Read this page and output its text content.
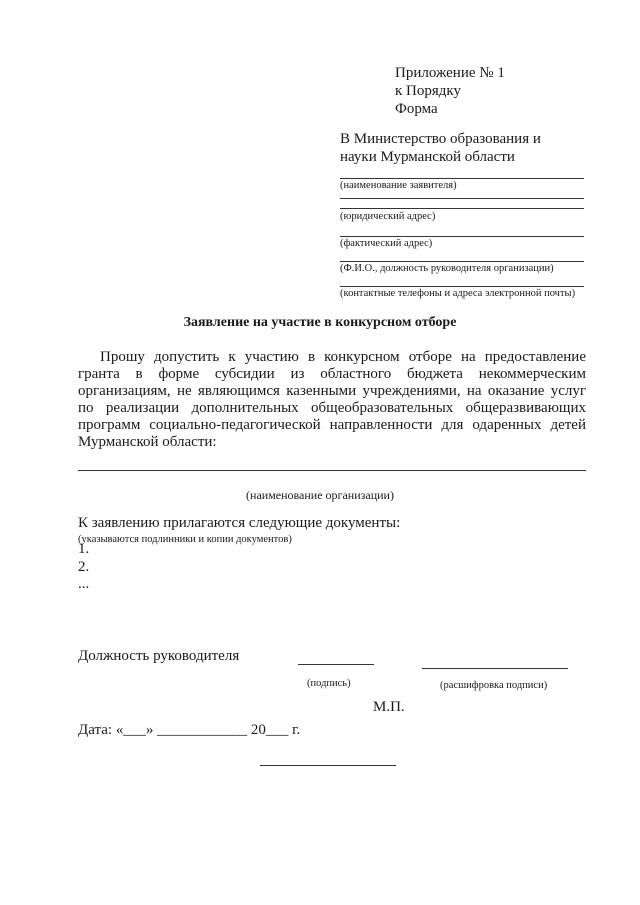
Приложение № 1
к Порядку
Форма
В Министерство образования и
науки Мурманской области
(наименование заявителя)
(юридический адрес)
(фактический адрес)
(Ф.И.О., должность руководителя организации)
(контактные телефоны и адреса электронной почты)
Заявление на участие в конкурсном отборе
Прошу допустить к участию в конкурсном отборе на предоставление гранта в форме субсидии из областного бюджета некоммерческим организациям, не являющимся казенными учреждениями, на оказание услуг по реализации дополнительных общеобразовательных общеразвивающих программ социально-педагогической направленности для одаренных детей Мурманской области:
(наименование организации)
К заявлению прилагаются следующие документы:
(указываются подлинники и копии документов)
1.
2.
...
Должность руководителя
(подпись)	(расшифровка подписи)
М.П.
Дата: «___» ____________ 20___ г.
